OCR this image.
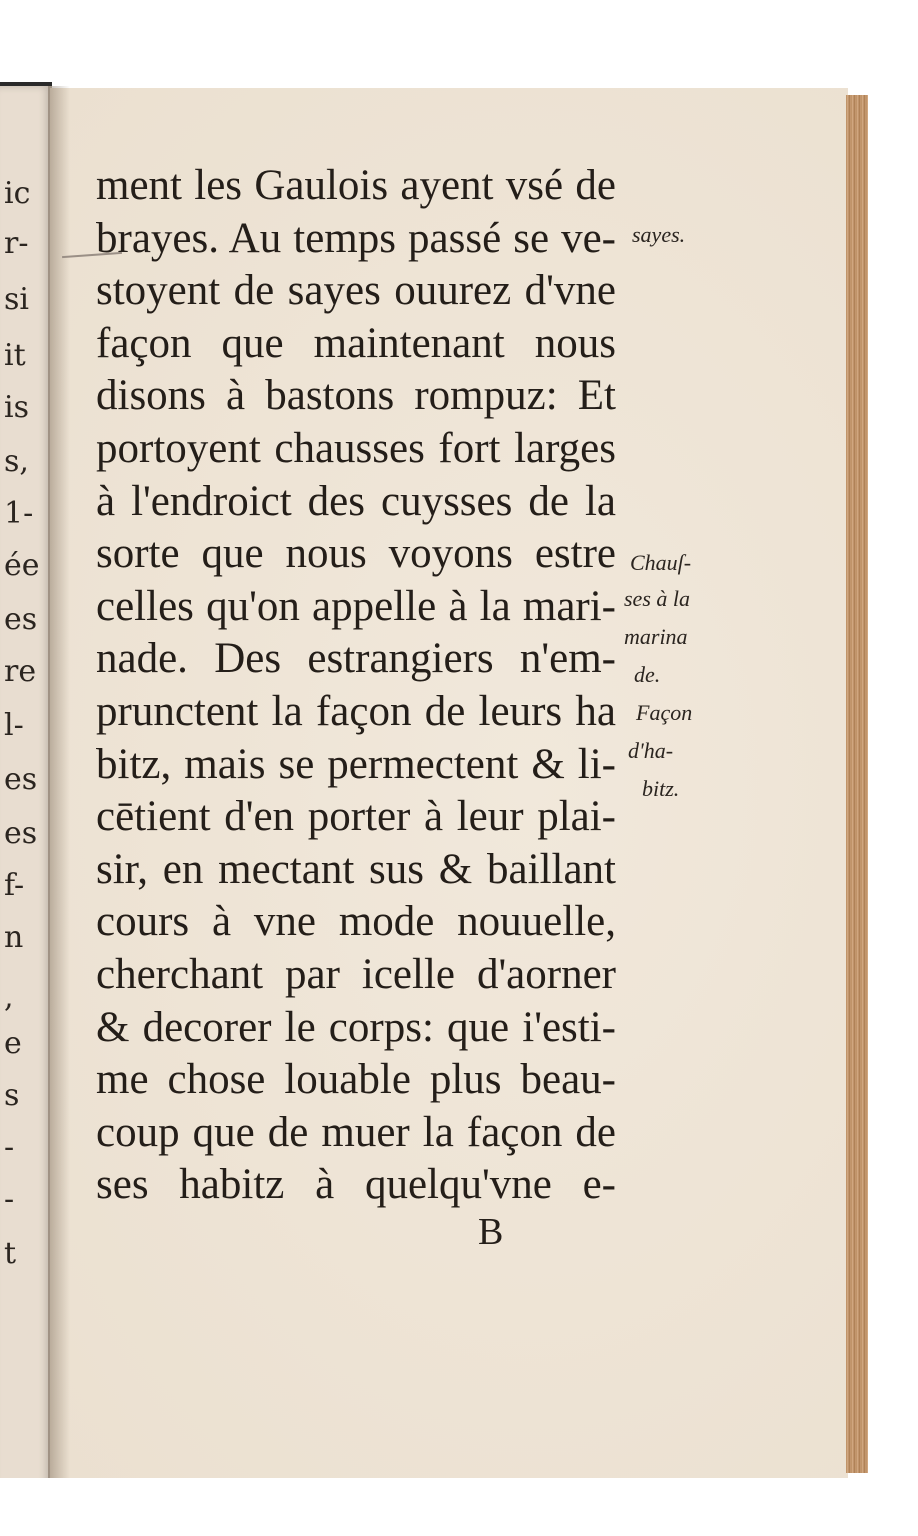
ic
r-
si
it
is
s,
1-
ée
es
re
l-
es
es
f-
n
,
e
s
-
-
t
ment les Gaulois ayent vsé de
brayes. Au temps passé se ve-
stoyent de sayes ouurez d'vne
façon que maintenant nous
disons à bastons rompuz: Et
portoyent chausses fort larges
à l'endroict des cuysses de la
sorte que nous voyons estre
celles qu'on appelle à la mari-
nade. Des estrangiers n'em-
prunctent la façon de leurs ha
bitz, mais se permectent & li-
cētient d'en porter à leur plai-
sir, en mectant sus & baillant
cours à vne mode nouuelle,
cherchant par icelle d'aorner
& decorer le corps: que i'esti-
me chose louable plus beau-
coup que de muer la façon de
ses habitz à quelqu'vne e-
sayes.
Chauſ-
ses à la
marina
de.
Façon
d'ha-
bitz.
B
